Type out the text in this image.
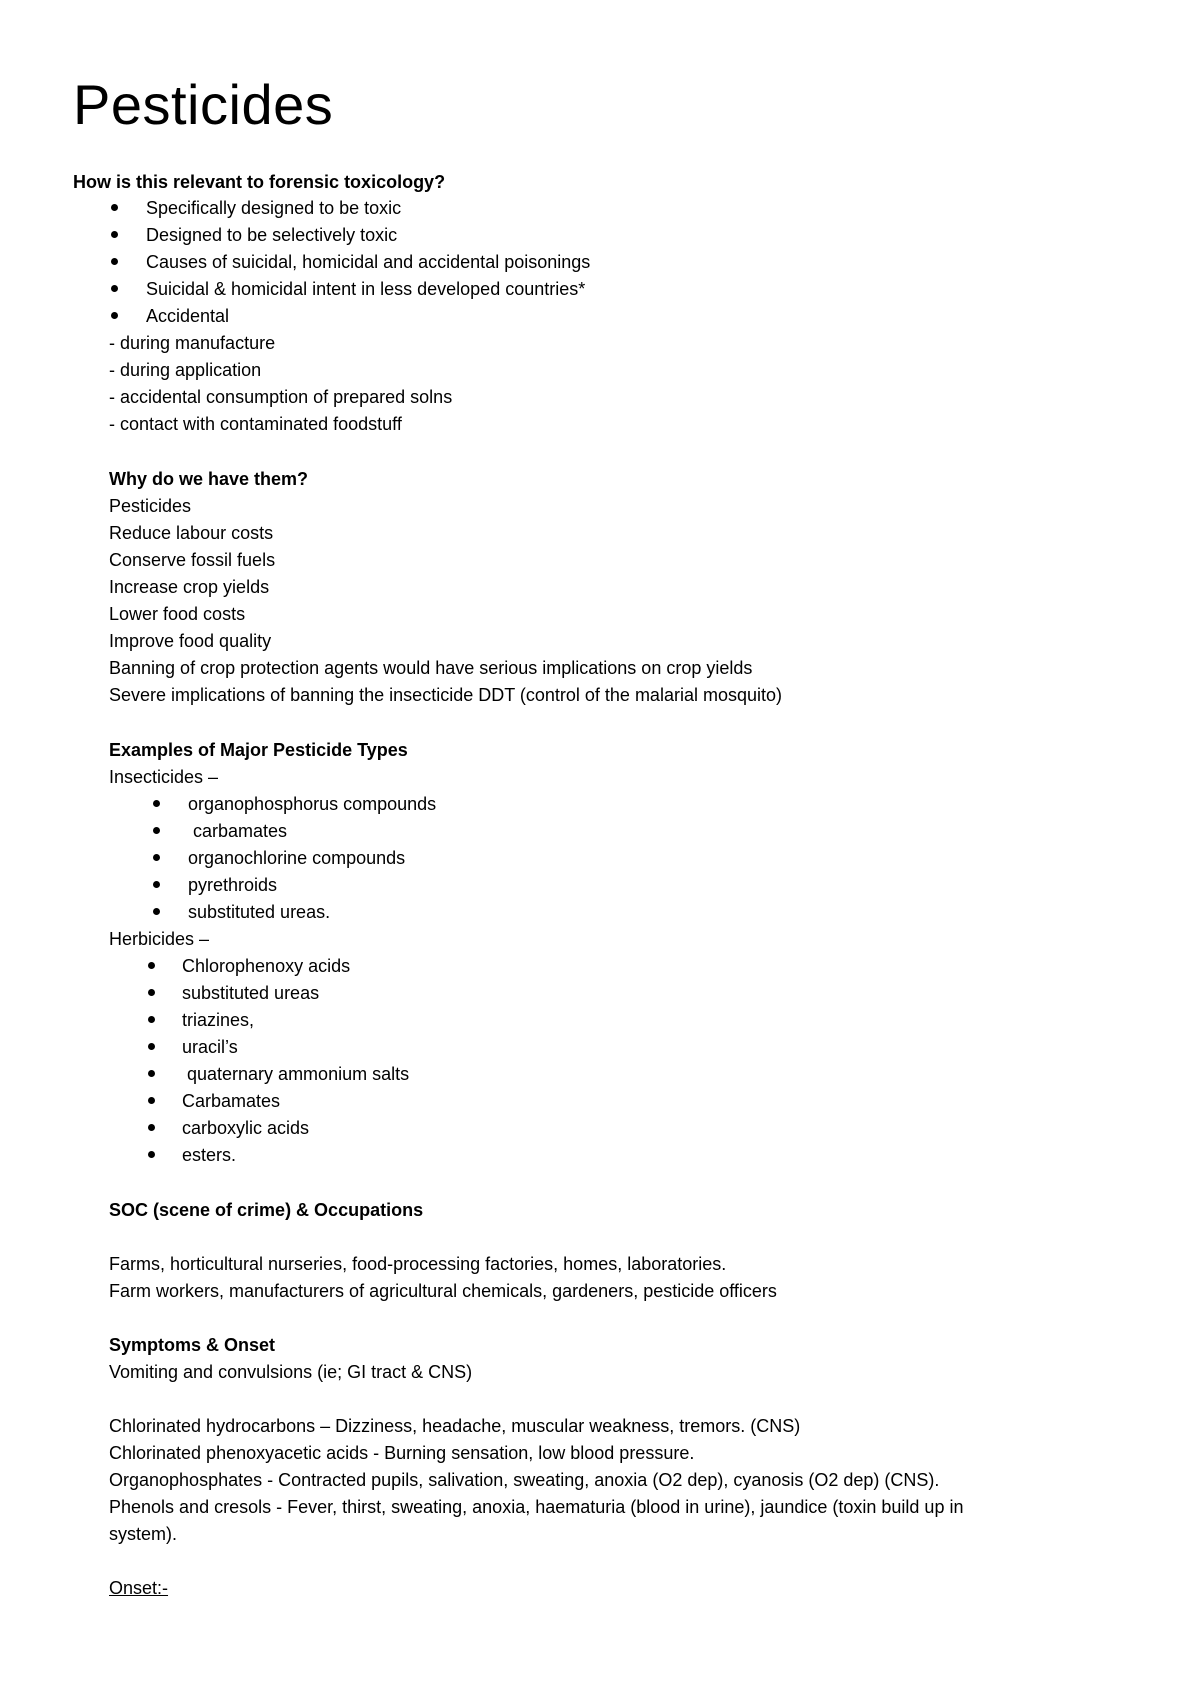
Pesticides
How is this relevant to forensic toxicology?
Specifically designed to be toxic
Designed to be selectively toxic
Causes of suicidal, homicidal and accidental poisonings
Suicidal & homicidal intent in less developed countries*
Accidental
- during manufacture
- during application
- accidental consumption of prepared solns
- contact with contaminated foodstuff
Why do we have them?
Pesticides
Reduce labour costs
Conserve fossil fuels
Increase crop yields
Lower food costs
Improve food quality
Banning of crop protection agents would have serious implications on crop yields
Severe implications of banning the insecticide DDT (control of the malarial mosquito)
Examples of Major Pesticide Types
Insecticides –
organophosphorus compounds
carbamates
organochlorine compounds
pyrethroids
substituted ureas.
Herbicides –
Chlorophenoxy acids
substituted ureas
triazines,
uracil’s
quaternary ammonium salts
Carbamates
carboxylic acids
esters.
SOC (scene of crime) & Occupations
Farms, horticultural nurseries, food-processing factories, homes, laboratories.
Farm workers, manufacturers of agricultural chemicals, gardeners, pesticide officers
Symptoms & Onset
Vomiting and convulsions (ie; GI tract & CNS)
Chlorinated hydrocarbons – Dizziness, headache, muscular weakness, tremors. (CNS)
Chlorinated phenoxyacetic acids - Burning sensation, low blood pressure.
Organophosphates - Contracted pupils, salivation, sweating, anoxia (O2 dep), cyanosis (O2 dep) (CNS).
Phenols and cresols - Fever, thirst, sweating, anoxia, haematuria (blood in urine), jaundice (toxin build up in
system).
Onset:-
